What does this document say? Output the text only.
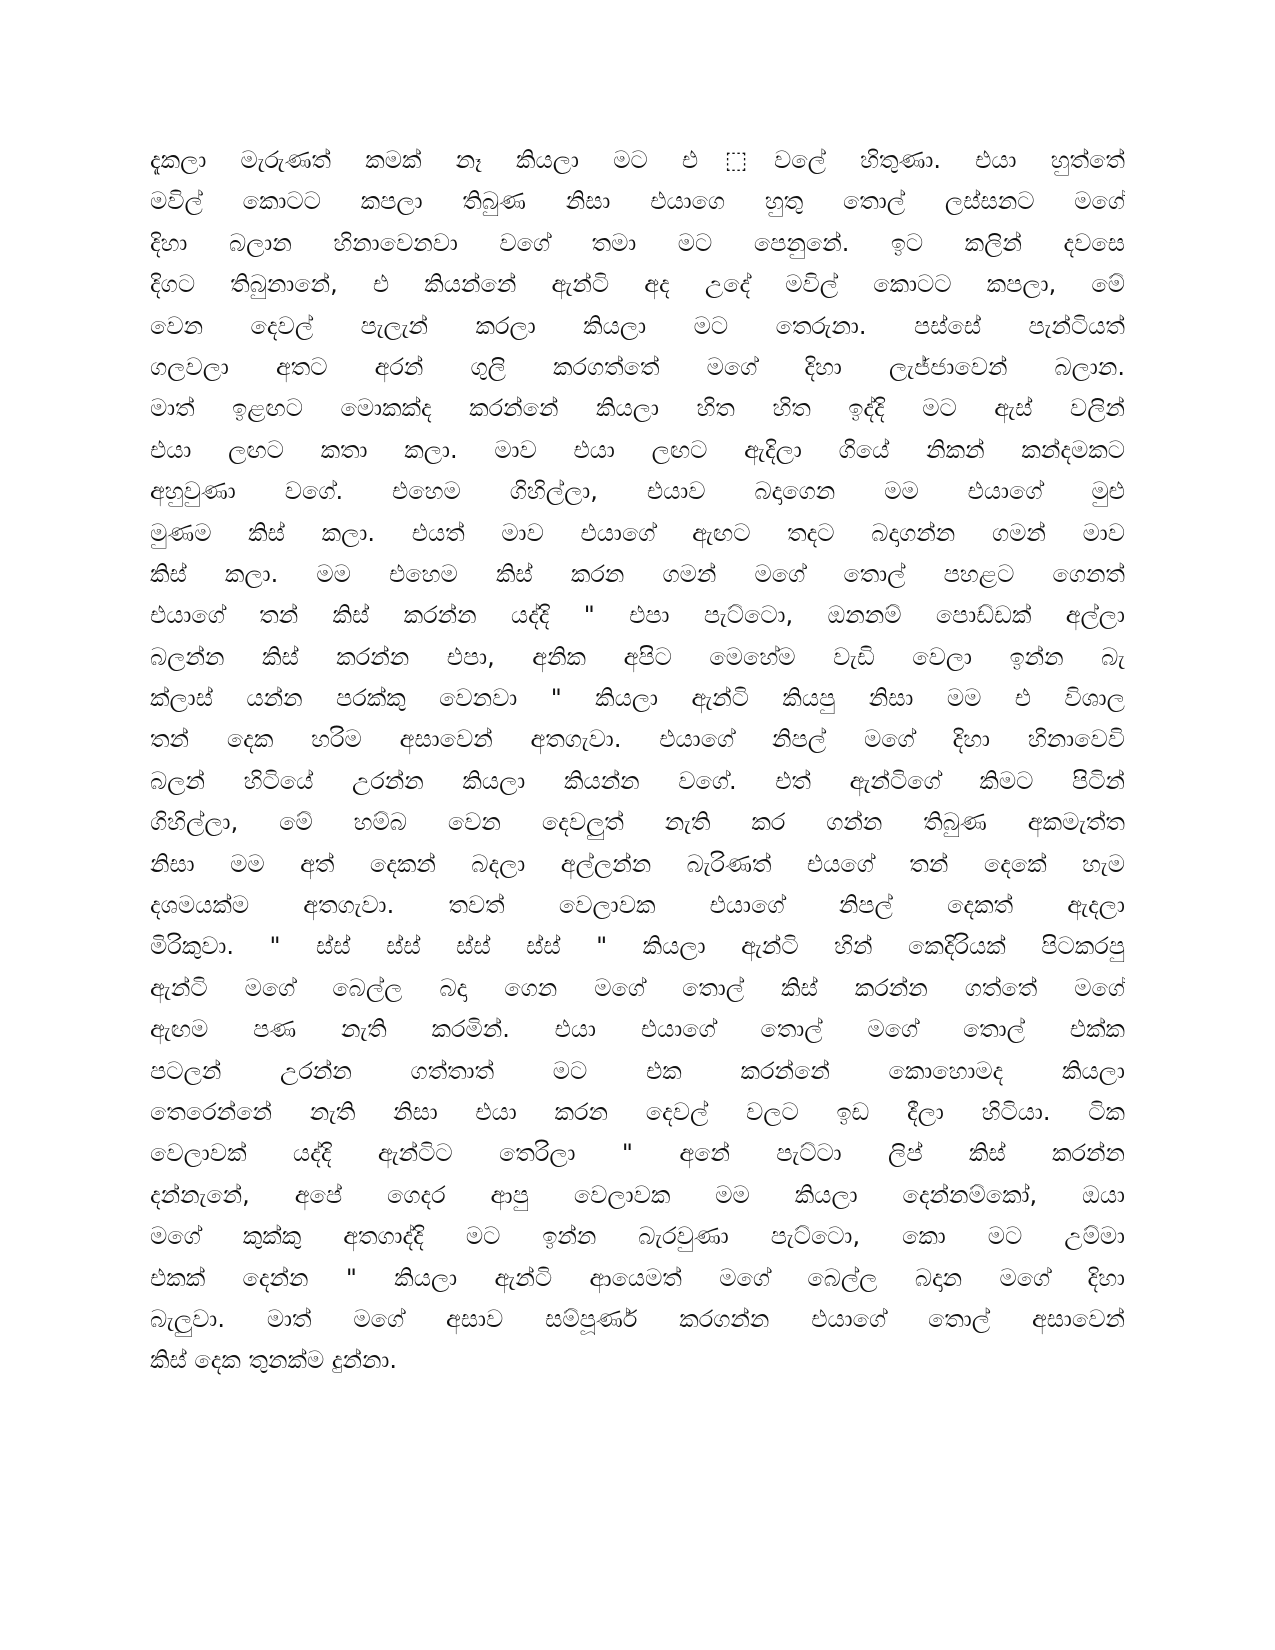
දැකලා මැරුණත් කමක් නෑ කියලා මට එ⬚වලේ හිතුණා. එයා හුත්තේ
මවිල් කොටට කපලා තිබුණ නිසා එයාගෙ හුතු තොල් ලස්සනට මගේ
දිහා බලාන හිනාවෙනවා වගේ තමා මට පෙනුනේ. ඉට කලින් දවසෙ
දිගට තිබුනානේ, එ කියන්නේ ඇන්ටි අද උදේ මවිල් කොටට කපලා, මේ
වෙන දෙවල් පැලැන් කරලා කියලා මට තෙරුනා. පස්සේ පැන්ටියත්
ගලවලා අතට අරන් ගුලි කරගත්තේ මගේ දිහා ලැජ්ජාවෙන් බලාන.
මාත් ඉළඟට මොකක්ද කරන්නේ කියලා හිත හිත ඉද්දි මට ඇස් වලින්
එයා ලඟට කතා කලා. මාව එයා ලඟට ඇදිලා ගියේ නිකන් කන්දමකට
අහුවුණා වගේ. එහෙම ගිහිල්ලා, එයාව බදාගෙන මම එයාගේ මුළු
මුණම කිස් කලා. එයත් මාව එයාගේ ඇඟට තදට බදාගන්න ගමන් මාව
කිස් කලා. මම එහෙම කිස් කරන ගමන් මගේ තොල් පහළට ගෙනත්
එයාගේ තන් කිස් කරන්න යද්දි " එපා පැට්ටො, ඔනනම් පොඩ්ඩක් අල්ලා
බලන්න කිස් කරන්න එපා, අනික අපිට මෙහේම වැඩි වෙලා ඉන්න බැ
ක්ලාස් යන්න පරක්කු වෙනවා " කියලා ඇන්ටි කියපු නිසා මම එ විශාල
තන් දෙක හරිම අසාවෙන් අතගැවා. එයාගේ නිපල් මගේ දිහා හිනාවෙවි
බලන් හිටියේ උරන්න කියලා කියන්න වගේ. එත් ඇන්ටිගේ කිමට පිටින්
ගිහිල්ලා, මේ හම්බ වෙන දෙවලුත් නැති කර ගන්න තිබුණ අකමැත්ත
නිසා මම අත් දෙකන් බදලා අල්ලන්න බැරිණත් එයගේ තන් දෙකේ හැම
දශමයක්ම අතගැවා. තවත් වෙලාවක එයාගේ නිපල් දෙකත් ඇදලා
මිරිකුවා. " ස්ස් ස්ස් ස්ස් ස්ස් " කියලා ඇන්ටි හින් කෙදිරියක් පිටකරපු
ඇන්ටි මගේ බෙල්ල බදා ගෙන මගේ තොල් කිස් කරන්න ගත්තේ මගේ
ඇඟම පණ නැති කරමින්. එයා එයාගේ තොල් මගේ තොල් එක්ක
පටලන් උරන්න ගත්තාත් මට එක කරන්නේ කොහොමද කියලා
තෙරෙන්නේ නැති නිසා එයා කරන දෙවල් වලට ඉඩ දීලා හිටියා. ටික
වෙලාවක් යද්දි ඇන්ටිට තෙරිලා " අනේ පැට්ටා ලිප් කිස් කරන්න
දන්නැනේ, අපේ ගෙදර ආපු වෙලාවක මම කියලා දෙන්නම්කෝ, ඔයා
මගේ කුක්කු අතගාද්දි මට ඉන්න බැරවුණා පැට්ටො, කො මට උම්මා
එකක් දෙන්න " කියලා ඇන්ටි ආයෙමත් මගේ බෙල්ල බදාන මගේ දිහා
බැලුවා. මාත් මගේ අසාව සම්පූර්ණ කරගන්න එයාගේ තොල් අසාවෙන්
කිස් දෙක තුනක්ම දුන්නා.
